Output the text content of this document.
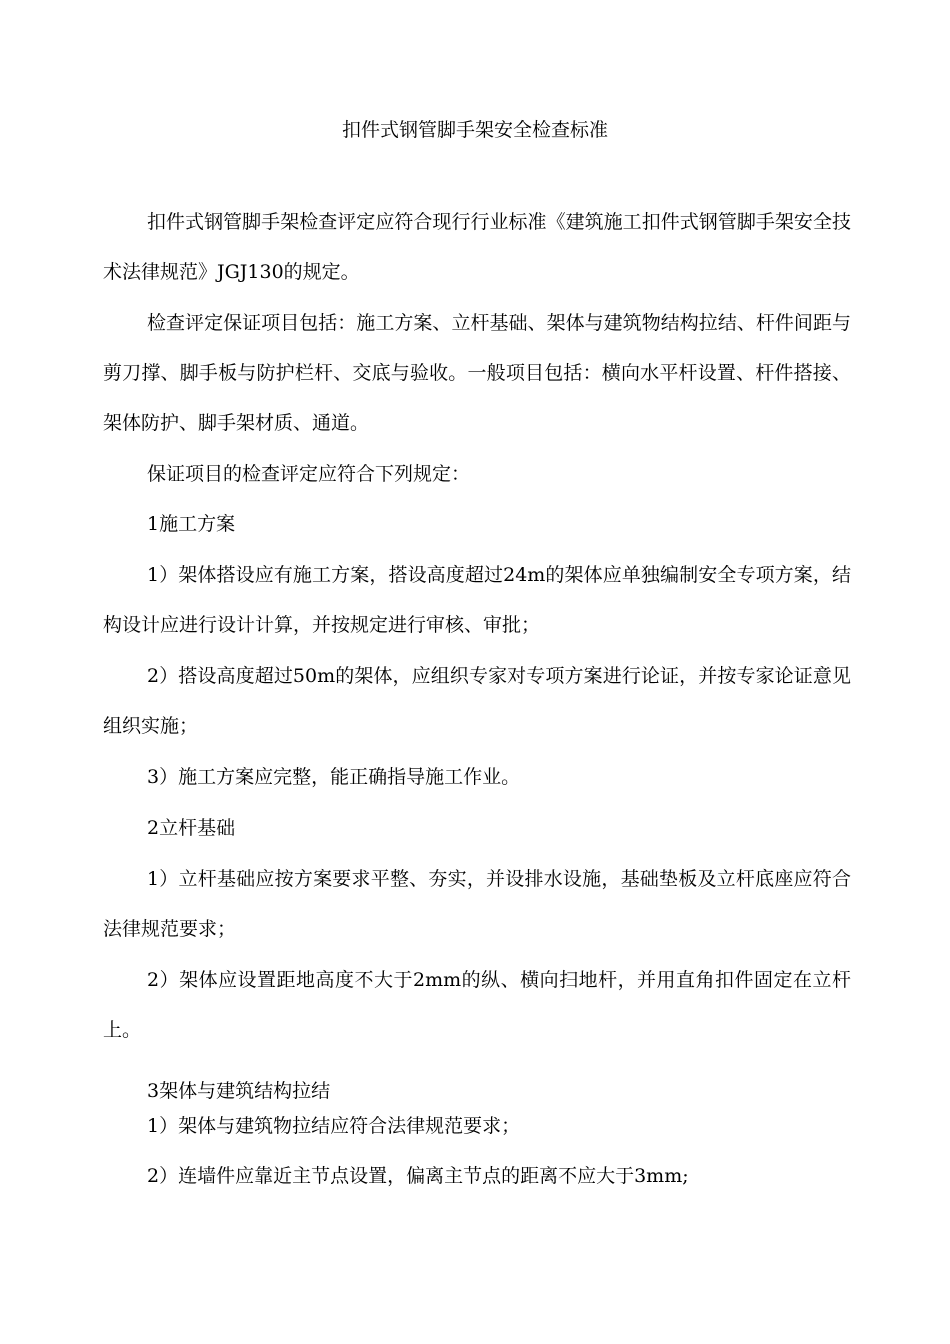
扣件式钢管脚手架安全检查标准

扣件式钢管脚手架检查评定应符合现行行业标准《建筑施工扣件式钢管脚手架安全技术法律规范》JGJ130的规定。

检查评定保证项目包括：施工方案、立杆基础、架体与建筑物结构拉结、杆件间距与剪刀撑、脚手板与防护栏杆、交底与验收。一般项目包括：横向水平杆设置、杆件搭接、架体防护、脚手架材质、通道。

保证项目的检查评定应符合下列规定：

1施工方案

1）架体搭设应有施工方案，搭设高度超过24m的架体应单独编制安全专项方案，结构设计应进行设计计算，并按规定进行审核、审批；

2）搭设高度超过50m的架体，应组织专家对专项方案进行论证，并按专家论证意见组织实施；

3）施工方案应完整，能正确指导施工作业。

2立杆基础

1）立杆基础应按方案要求平整、夯实，并设排水设施，基础垫板及立杆底座应符合法律规范要求；

2）架体应设置距地高度不大于2mm的纵、横向扫地杆，并用直角扣件固定在立杆上。

3架体与建筑结构拉结

1）架体与建筑物拉结应符合法律规范要求；

2）连墙件应靠近主节点设置，偏离主节点的距离不应大于3mm;
